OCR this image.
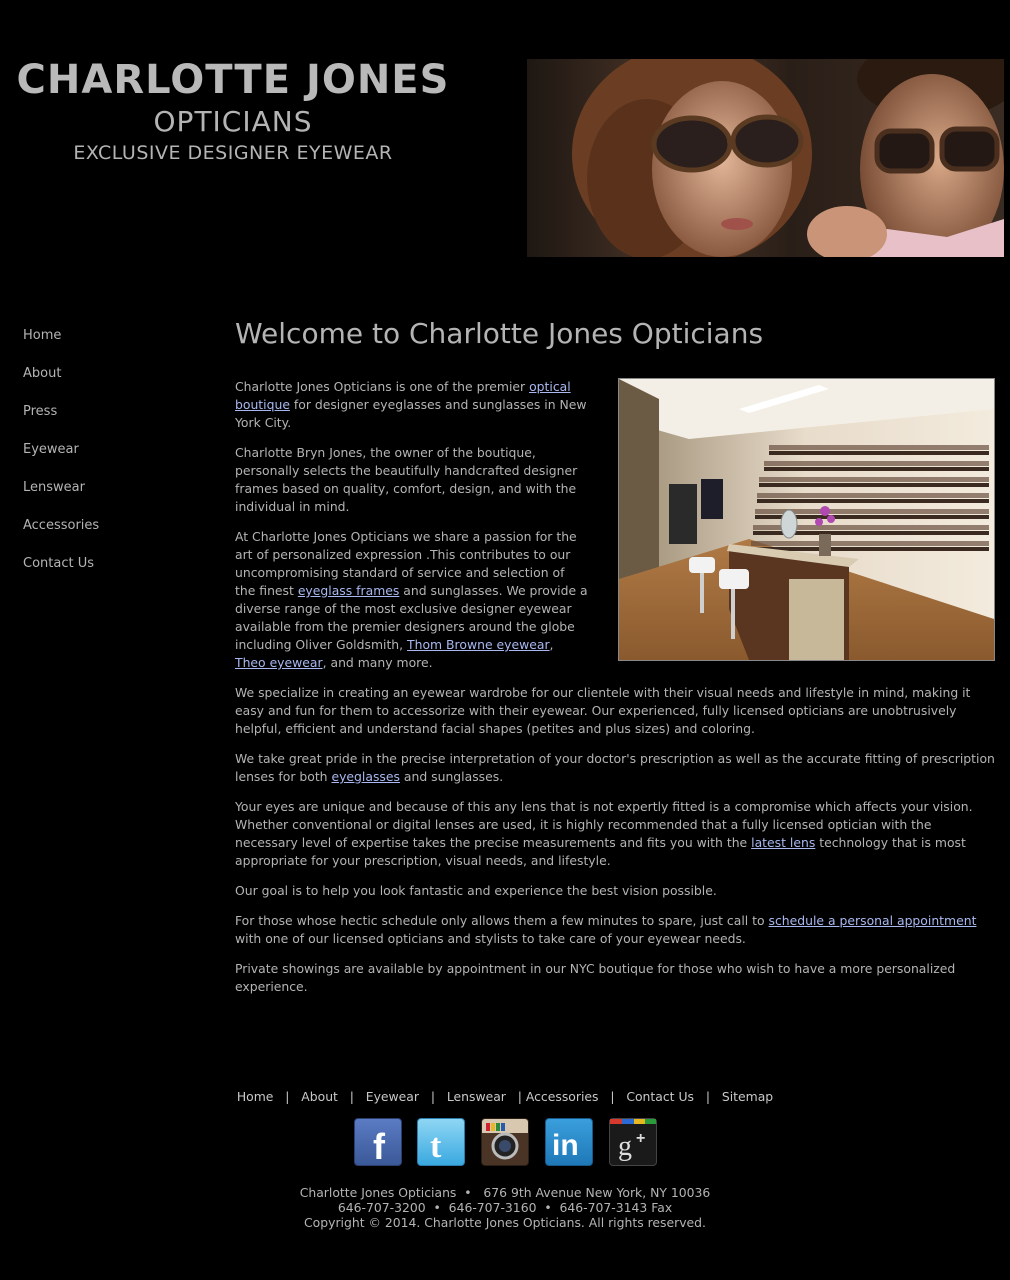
CHARLOTTE JONES
OPTICIANS
EXCLUSIVE DESIGNER EYEWEAR
Home
About
Press
Eyewear
Lenswear
Accessories
Contact Us
Welcome to Charlotte Jones Opticians

Charlotte Jones Opticians is one of the premier optical boutique for designer eyeglasses and sunglasses in New York City.

Charlotte Bryn Jones, the owner of the boutique, personally selects the beautifully handcrafted designer frames based on quality, comfort, design, and with the individual in mind.

At Charlotte Jones Opticians we share a passion for the art of personalized expression .This contributes to our uncompromising standard of service and selection of the finest eyeglass frames and sunglasses. We provide a diverse range of the most exclusive designer eyewear available from the premier designers around the globe including Oliver Goldsmith, Thom Browne eyewear, Theo eyewear, and many more.

We specialize in creating an eyewear wardrobe for our clientele with their visual needs and lifestyle in mind, making it easy and fun for them to accessorize with their eyewear. Our experienced, fully licensed opticians are unobtrusively helpful, efficient and understand facial shapes (petites and plus sizes) and coloring.

We take great pride in the precise interpretation of your doctor's prescription as well as the accurate fitting of prescription lenses for both eyeglasses and sunglasses.

Your eyes are unique and because of this any lens that is not expertly fitted is a compromise which affects your vision. Whether conventional or digital lenses are used, it is highly recommended that a fully licensed optician with the necessary level of expertise takes the precise measurements and fits you with the latest lens technology that is most appropriate for your prescription, visual needs, and lifestyle.

Our goal is to help you look fantastic and experience the best vision possible.

For those whose hectic schedule only allows them a few minutes to spare, just call to schedule a personal appointment with one of our licensed opticians and stylists to take care of your eyewear needs.

Private showings are available by appointment in our NYC boutique for those who wish to have a more personalized experience.

Home   |   About   |   Eyewear   |   Lenswear   | Accessories   |   Contact Us   |   Sitemap
f t	in g +
Charlotte Jones Opticians  •   676 9th Avenue New York, NY 10036
646-707-3200  •  646-707-3160  •  646-707-3143 Fax
Copyright © 2014. Charlotte Jones Opticians. All rights reserved.
